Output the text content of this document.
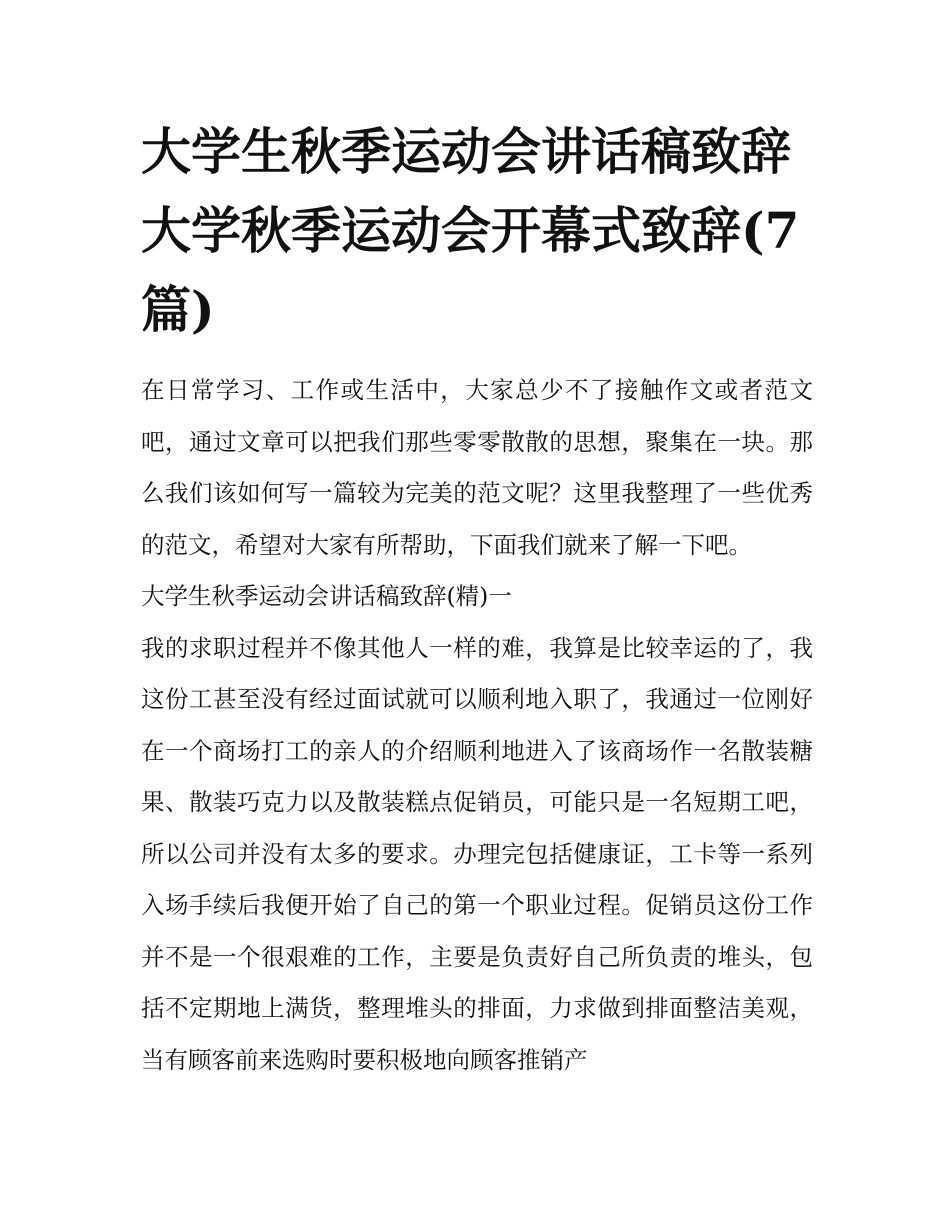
大学生秋季运动会讲话稿致辞 大学秋季运动会开幕式致辞(7篇)

在日常学习、工作或生活中，大家总少不了接触作文或者范文吧，通过文章可以把我们那些零零散散的思想，聚集在一块。那么我们该如何写一篇较为完美的范文呢？这里我整理了一些优秀的范文，希望对大家有所帮助，下面我们就来了解一下吧。

大学生秋季运动会讲话稿致辞(精)一

我的求职过程并不像其他人一样的难，我算是比较幸运的了，我这份工甚至没有经过面试就可以顺利地入职了，我通过一位刚好在一个商场打工的亲人的介绍顺利地进入了该商场作一名散装糖果、散装巧克力以及散装糕点促销员，可能只是一名短期工吧，所以公司并没有太多的要求。办理完包括健康证，工卡等一系列入场手续后我便开始了自己的第一个职业过程。促销员这份工作并不是一个很艰难的工作，主要是负责好自己所负责的堆头，包括不定期地上满货，整理堆头的排面，力求做到排面整洁美观，当有顾客前来选购时要积极地向顾客推销产
